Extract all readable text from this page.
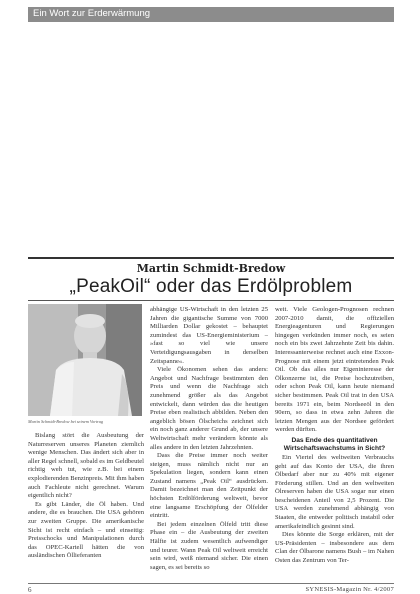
Ein Wort zur Erderwärmung
Martin Schmidt-Bredow
„PeakOil“ oder das Erdölproblem
Martin Schmidt-Bredow bei seinem Vortrag

Bislang stört die Ausbeutung der Naturreserven unseres Planeten ziemlich wenige Menschen. Das ändert sich aber in aller Regel schnell, sobald es im Geldbeutel richtig weh tut, wie z.B. bei einem explodierenden Benzinpreis. Mit ihm haben auch Fachleute nicht gerechnet. Warum eigentlich nicht?

Es gibt Länder, die Öl haben. Und andere, die es brauchen. Die USA gehören zur zweiten Gruppe. Die amerikanische Sicht ist recht einfach – und einseitig: Preisschocks und Manipulationen durch das OPEC-Kartell hätten die von ausländischen Öllieferanten

abhängige US-Wirtschaft in den letzten 25 Jahren die gigantische Summe von 7000 Milliarden Dollar gekostet – behauptet zumindest das US-Energieministerium – »fast so viel wie unsere Verteidigungsausgaben in derselben Zeitspanne«.

Viele Ökonomen sehen das anders: Angebot und Nachfrage bestimmten den Preis und wenn die Nachfrage sich zunehmend größer als das Angebot entwickelt, dann würden das die heutigen Preise eben realistisch abbilden. Neben den angeblich bösen Ölscheichs zeichnet sich ein noch ganz anderer Grund ab, der unsere Weltwirtschaft mehr verändern könnte als alles andere in den letzten Jahrzehnten.

Dass die Preise immer noch weiter steigen, muss nämlich nicht nur an Spekulation liegen, sondern kann einen Zustand namens „Peak Oil“ ausdrücken. Damit bezeichnet man den Zeitpunkt der höchsten Erdölförderung weltweit, bevor eine langsame Erschöpfung der Ölfelder eintritt.

Bei jedem einzelnen Ölfeld tritt diese Phase ein – die Ausbeutung der zweiten Hälfte ist zudem wesentlich aufwendiger und teurer. Wann Peak Oil weltweit erreicht sein wird, weiß niemand sicher. Die einen sagen, es sei bereits so

weit. Viele Geologen-Prognosen rechnen 2007-2010 damit, die offiziellen Energieagenturen und Regierungen hingegen verkünden immer noch, es seien noch ein bis zwei Jahrzehnte Zeit bis dahin. Interessanterweise rechnet auch eine Exxon-Prognose mit einem jetzt eintretenden Peak Oil. Ob das alles nur Eigeninteresse der Ölkonzerne ist, die Preise hochzutreiben, oder schon Peak Oil, kann heute niemand sicher bestimmen. Peak Oil trat in den USA bereits 1971 ein, beim Nordseeöl in den 90ern, so dass in etwa zehn Jahren die letzten Mengen aus der Nordsee gefördert werden dürften.

Das Ende des quantitativen Wirtschaftswachstums in Sicht?

Ein Viertel des weltweiten Verbrauchs geht auf das Konto der USA, die ihren Ölbedarf aber nur zu 40% mit eigener Förderung stillen. Und an den weltweiten Ölreserven haben die USA sogar nur einen bescheidenen Anteil von 2,5 Prozent. Die USA werden zunehmend abhängig von Staaten, die entweder politisch instabil oder amerikafeindlich gesinnt sind.

Dies könnte die Sorge erklären, mit der US-Präsidenten – insbesondere aus dem Clan der Ölbarone namens Bush – im Nahen Osten das Zentrum von Ter-

6	SYNESIS-Magazin Nr. 4/2007
